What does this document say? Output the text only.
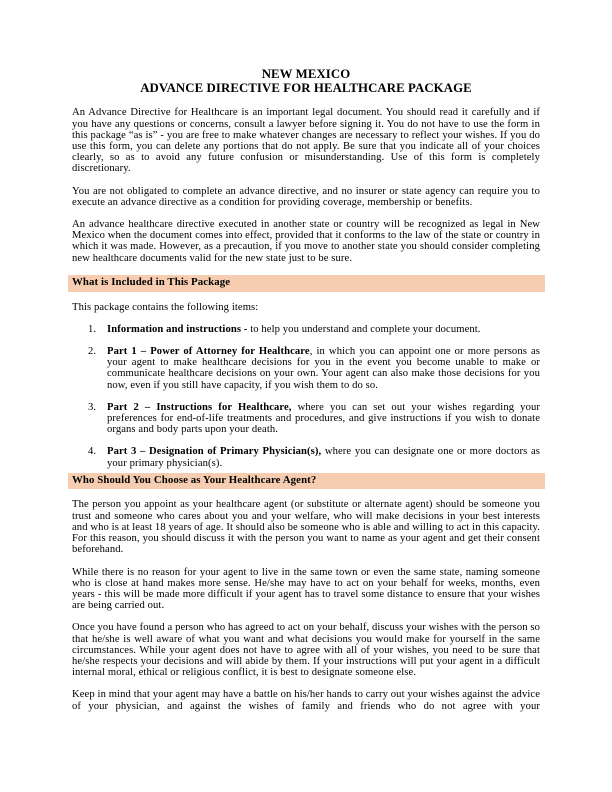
NEW MEXICO
ADVANCE DIRECTIVE FOR HEALTHCARE PACKAGE

An Advance Directive for Healthcare is an important legal document. You should read it carefully and if you have any questions or concerns, consult a lawyer before signing it. You do not have to use the form in this package “as is” - you are free to make whatever changes are necessary to reflect your wishes. If you do use this form, you can delete any portions that do not apply. Be sure that you indicate all of your choices clearly, so as to avoid any future confusion or misunderstanding. Use of this form is completely discretionary.

You are not obligated to complete an advance directive, and no insurer or state agency can require you to execute an advance directive as a condition for providing coverage, membership or benefits.

An advance healthcare directive executed in another state or country will be recognized as legal in New Mexico when the document comes into effect, provided that it conforms to the law of the state or country in which it was made. However, as a precaution, if you move to another state you should consider completing new healthcare documents valid for the new state just to be sure.

What is Included in This Package

This package contains the following items:

1.	Information and instructions - to help you understand and complete your document.
2.	Part 1 – Power of Attorney for Healthcare, in which you can appoint one or more persons as your agent to make healthcare decisions for you in the event you become unable to make or communicate healthcare decisions on your own. Your agent can also make those decisions for you now, even if you still have capacity, if you wish them to do so.
3.	Part 2 – Instructions for Healthcare, where you can set out your wishes regarding your preferences for end-of-life treatments and procedures, and give instructions if you wish to donate organs and body parts upon your death.
4.	Part 3 – Designation of Primary Physician(s), where you can designate one or more doctors as your primary physician(s).
Who Should You Choose as Your Healthcare Agent?

The person you appoint as your healthcare agent (or substitute or alternate agent) should be someone you trust and someone who cares about you and your welfare, who will make decisions in your best interests and who is at least 18 years of age. It should also be someone who is able and willing to act in this capacity. For this reason, you should discuss it with the person you want to name as your agent and get their consent beforehand.

While there is no reason for your agent to live in the same town or even the same state, naming someone who is close at hand makes more sense. He/she may have to act on your behalf for weeks, months, even years - this will be made more difficult if your agent has to travel some distance to ensure that your wishes are being carried out.

Once you have found a person who has agreed to act on your behalf, discuss your wishes with the person so that he/she is well aware of what you want and what decisions you would make for yourself in the same circumstances. While your agent does not have to agree with all of your wishes, you need to be sure that he/she respects your decisions and will abide by them. If your instructions will put your agent in a difficult internal moral, ethical or religious conflict, it is best to designate someone else.

Keep in mind that your agent may have a battle on his/her hands to carry out your wishes against the advice of your physician, and against the wishes of family and friends who do not agree with your
